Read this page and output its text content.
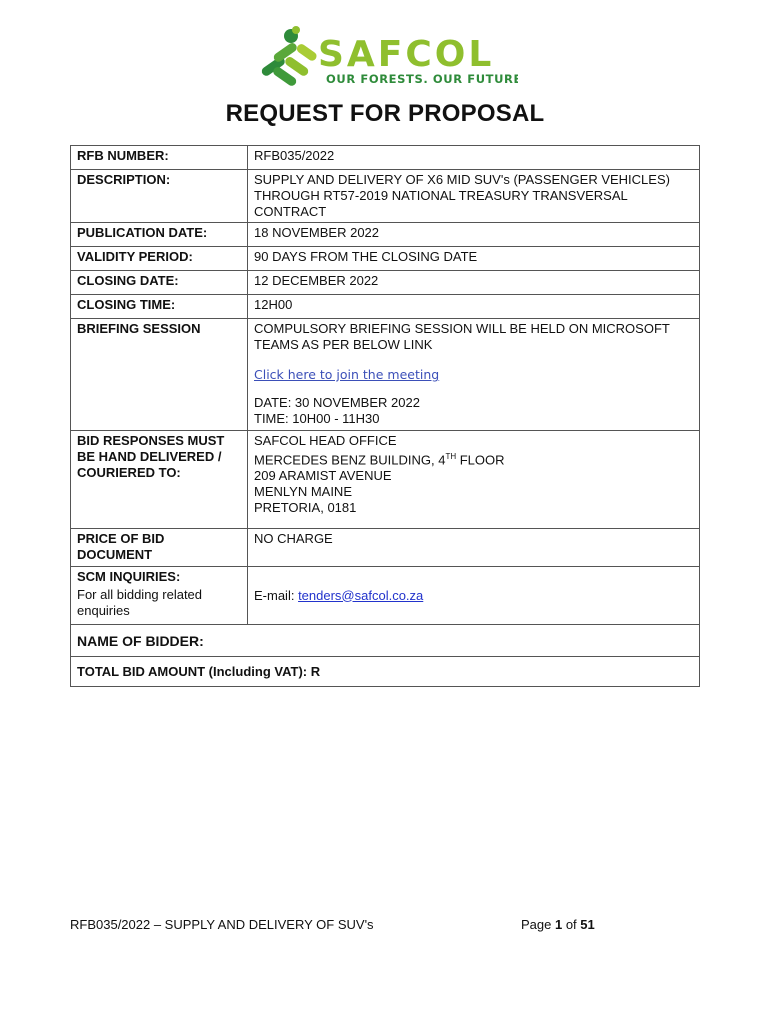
SAFCOL
OUR FORESTS. OUR FUTURE.
REQUEST FOR PROPOSAL
RFB NUMBER:	RFB035/2022
DESCRIPTION:	SUPPLY AND DELIVERY OF X6 MID SUV's (PASSENGER VEHICLES) THROUGH RT57-2019 NATIONAL TREASURY TRANSVERSAL CONTRACT
PUBLICATION DATE:	18 NOVEMBER 2022
VALIDITY PERIOD:	90 DAYS FROM THE CLOSING DATE
CLOSING DATE:	12 DECEMBER 2022
CLOSING TIME:	12H00
BRIEFING SESSION	COMPULSORY BRIEFING SESSION WILL BE HELD ON MICROSOFT TEAMS AS PER BELOW LINK
Click here to join the meeting
DATE: 30 NOVEMBER 2022
TIME: 10H00 - 11H30

BID RESPONSES MUST BE HAND DELIVERED / COURIERED TO:	SAFCOL HEAD OFFICE
MERCEDES BENZ BUILDING, 4TH FLOOR
209 ARAMIST AVENUE
MENLYN MAINE
PRETORIA, 0181

PRICE OF BID DOCUMENT	NO CHARGE
SCM INQUIRIES:
For all bidding related enquiries	E-mail: tenders@safcol.co.za
NAME OF BIDDER:	
TOTAL BID AMOUNT (Including VAT): R	
RFB035/2022 – SUPPLY AND DELIVERY OF SUV's	Page 1 of 51
